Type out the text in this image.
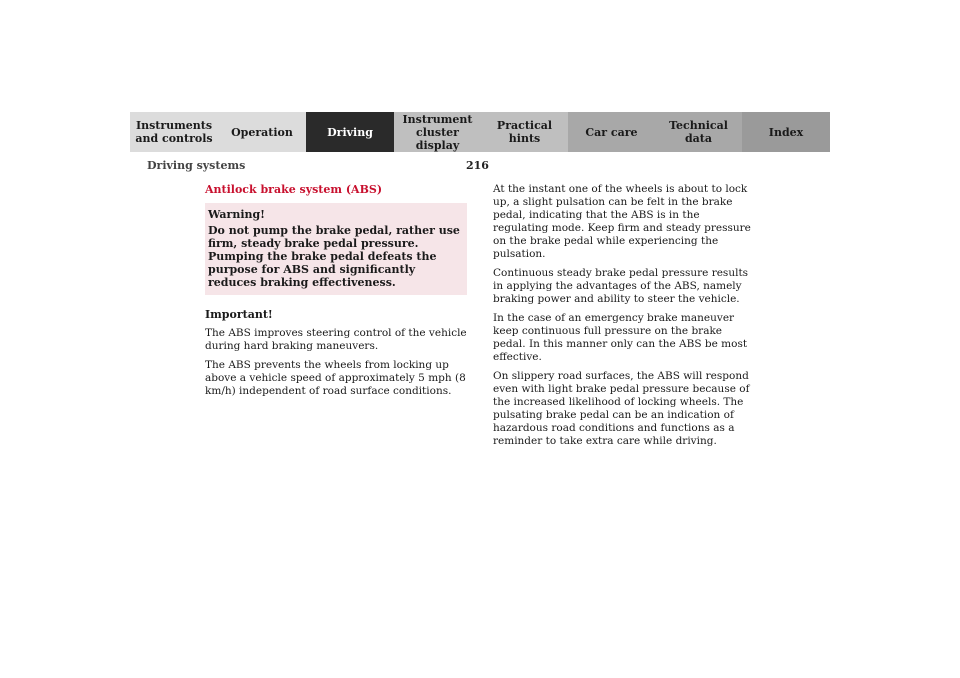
Instruments and controls Operation	Driving
Instrument cluster display
Practical hints	Car care	Technical data	Index
Driving systems	216
Antilock brake system (ABS)
Warning!
Do not pump the brake pedal, rather use firm, steady brake pedal pressure. Pumping the brake pedal defeats the purpose for ABS and significantly reduces braking effectiveness.
Important!

The ABS improves steering control of the vehicle during hard braking maneuvers.

The ABS prevents the wheels from locking up above a vehicle speed of approximately 5 mph (8 km/h) independent of road surface conditions.

At the instant one of the wheels is about to lock up, a slight pulsation can be felt in the brake pedal, indicating that the ABS is in the regulating mode. Keep firm and steady pressure on the brake pedal while experiencing the pulsation.

Continuous steady brake pedal pressure results in applying the advantages of the ABS, namely braking power and ability to steer the vehicle.

In the case of an emergency brake maneuver keep continuous full pressure on the brake pedal. In this manner only can the ABS be most effective.

On slippery road surfaces, the ABS will respond even with light brake pedal pressure because of the increased likelihood of locking wheels. The pulsating brake pedal can be an indication of hazardous road conditions and functions as a reminder to take extra care while driving.
